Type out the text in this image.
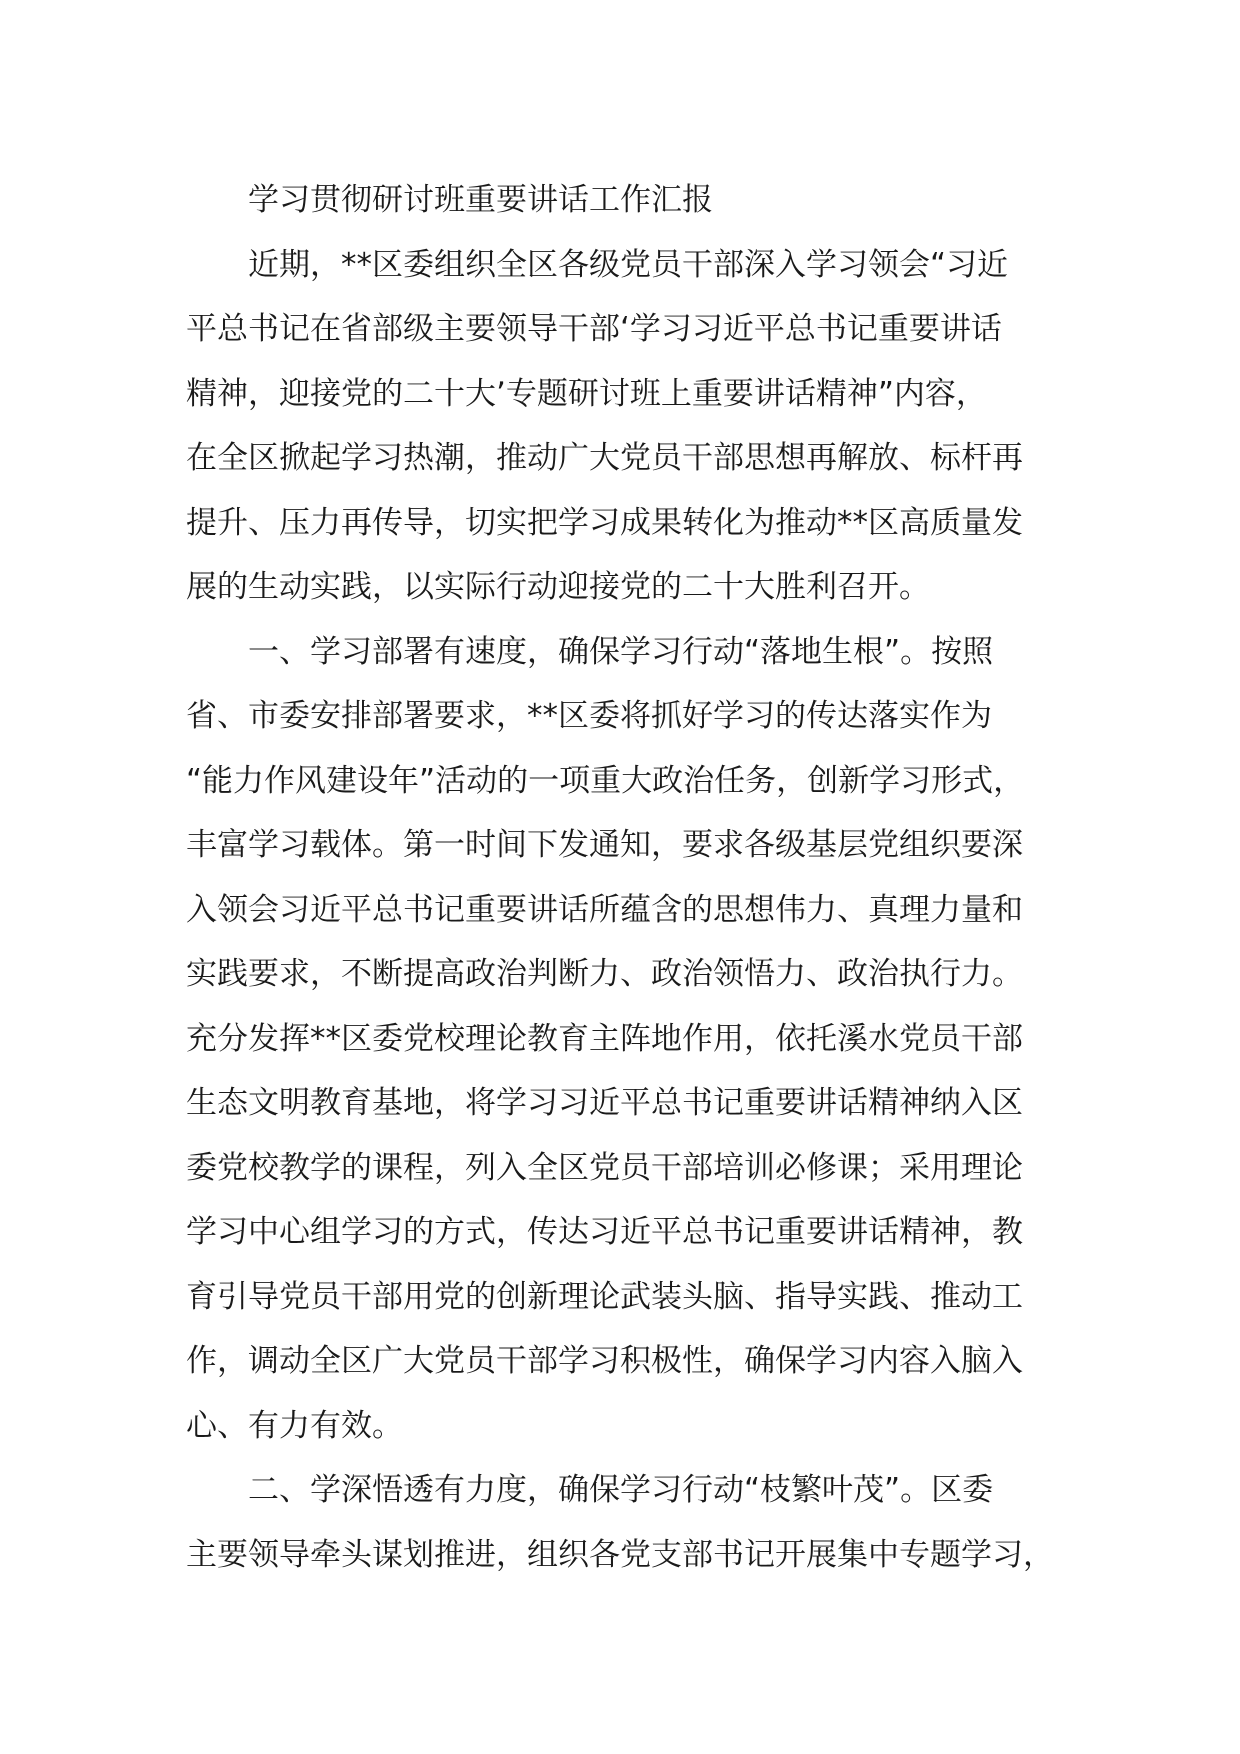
学习贯彻研讨班重要讲话工作汇报
近期，**区委组织全区各级党员干部深入学习领会“习近
平总书记在省部级主要领导干部‘学习习近平总书记重要讲话
精神，迎接党的二十大’专题研讨班上重要讲话精神”内容，
在全区掀起学习热潮，推动广大党员干部思想再解放、标杆再
提升、压力再传导，切实把学习成果转化为推动**区高质量发
展的生动实践，以实际行动迎接党的二十大胜利召开。
一、学习部署有速度，确保学习行动“落地生根”。按照
省、市委安排部署要求，**区委将抓好学习的传达落实作为
“能力作风建设年”活动的一项重大政治任务，创新学习形式，
丰富学习载体。第一时间下发通知，要求各级基层党组织要深
入领会习近平总书记重要讲话所蕴含的思想伟力、真理力量和
实践要求，不断提高政治判断力、政治领悟力、政治执行力。
充分发挥**区委党校理论教育主阵地作用，依托溪水党员干部
生态文明教育基地，将学习习近平总书记重要讲话精神纳入区
委党校教学的课程，列入全区党员干部培训必修课；采用理论
学习中心组学习的方式，传达习近平总书记重要讲话精神，教
育引导党员干部用党的创新理论武装头脑、指导实践、推动工
作，调动全区广大党员干部学习积极性，确保学习内容入脑入
心、有力有效。
二、学深悟透有力度，确保学习行动“枝繁叶茂”。区委
主要领导牵头谋划推进，组织各党支部书记开展集中专题学习，
